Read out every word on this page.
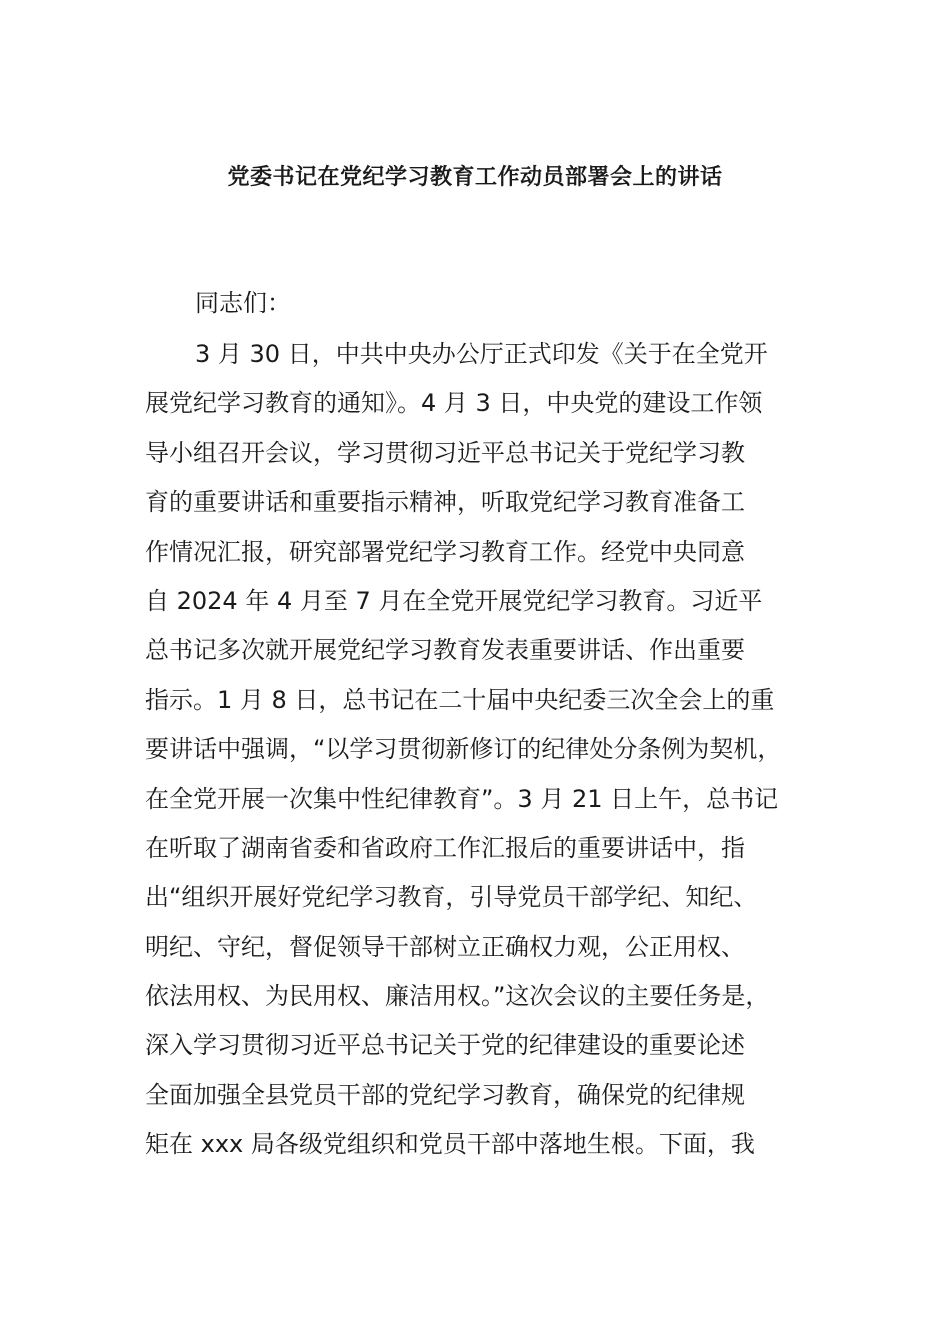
党委书记在党纪学习教育工作动员部署会上的讲话
同志们：
3 月 30 日，中共中央办公厅正式印发《关于在全党开
展党纪学习教育的通知》。4 月 3 日，中央党的建设工作领
导小组召开会议，学习贯彻习近平总书记关于党纪学习教
育的重要讲话和重要指示精神，听取党纪学习教育准备工
作情况汇报，研究部署党纪学习教育工作。经党中央同意
自 2024 年 4 月至 7 月在全党开展党纪学习教育。习近平
总书记多次就开展党纪学习教育发表重要讲话、作出重要
指示。1 月 8 日，总书记在二十届中央纪委三次全会上的重
要讲话中强调，“以学习贯彻新修订的纪律处分条例为契机，
在全党开展一次集中性纪律教育”。3 月 21 日上午，总书记
在听取了湖南省委和省政府工作汇报后的重要讲话中，指
出“组织开展好党纪学习教育，引导党员干部学纪、知纪、
明纪、守纪，督促领导干部树立正确权力观，公正用权、
依法用权、为民用权、廉洁用权。”这次会议的主要任务是，
深入学习贯彻习近平总书记关于党的纪律建设的重要论述
全面加强全县党员干部的党纪学习教育，确保党的纪律规
矩在 xxx 局各级党组织和党员干部中落地生根。下面，我
